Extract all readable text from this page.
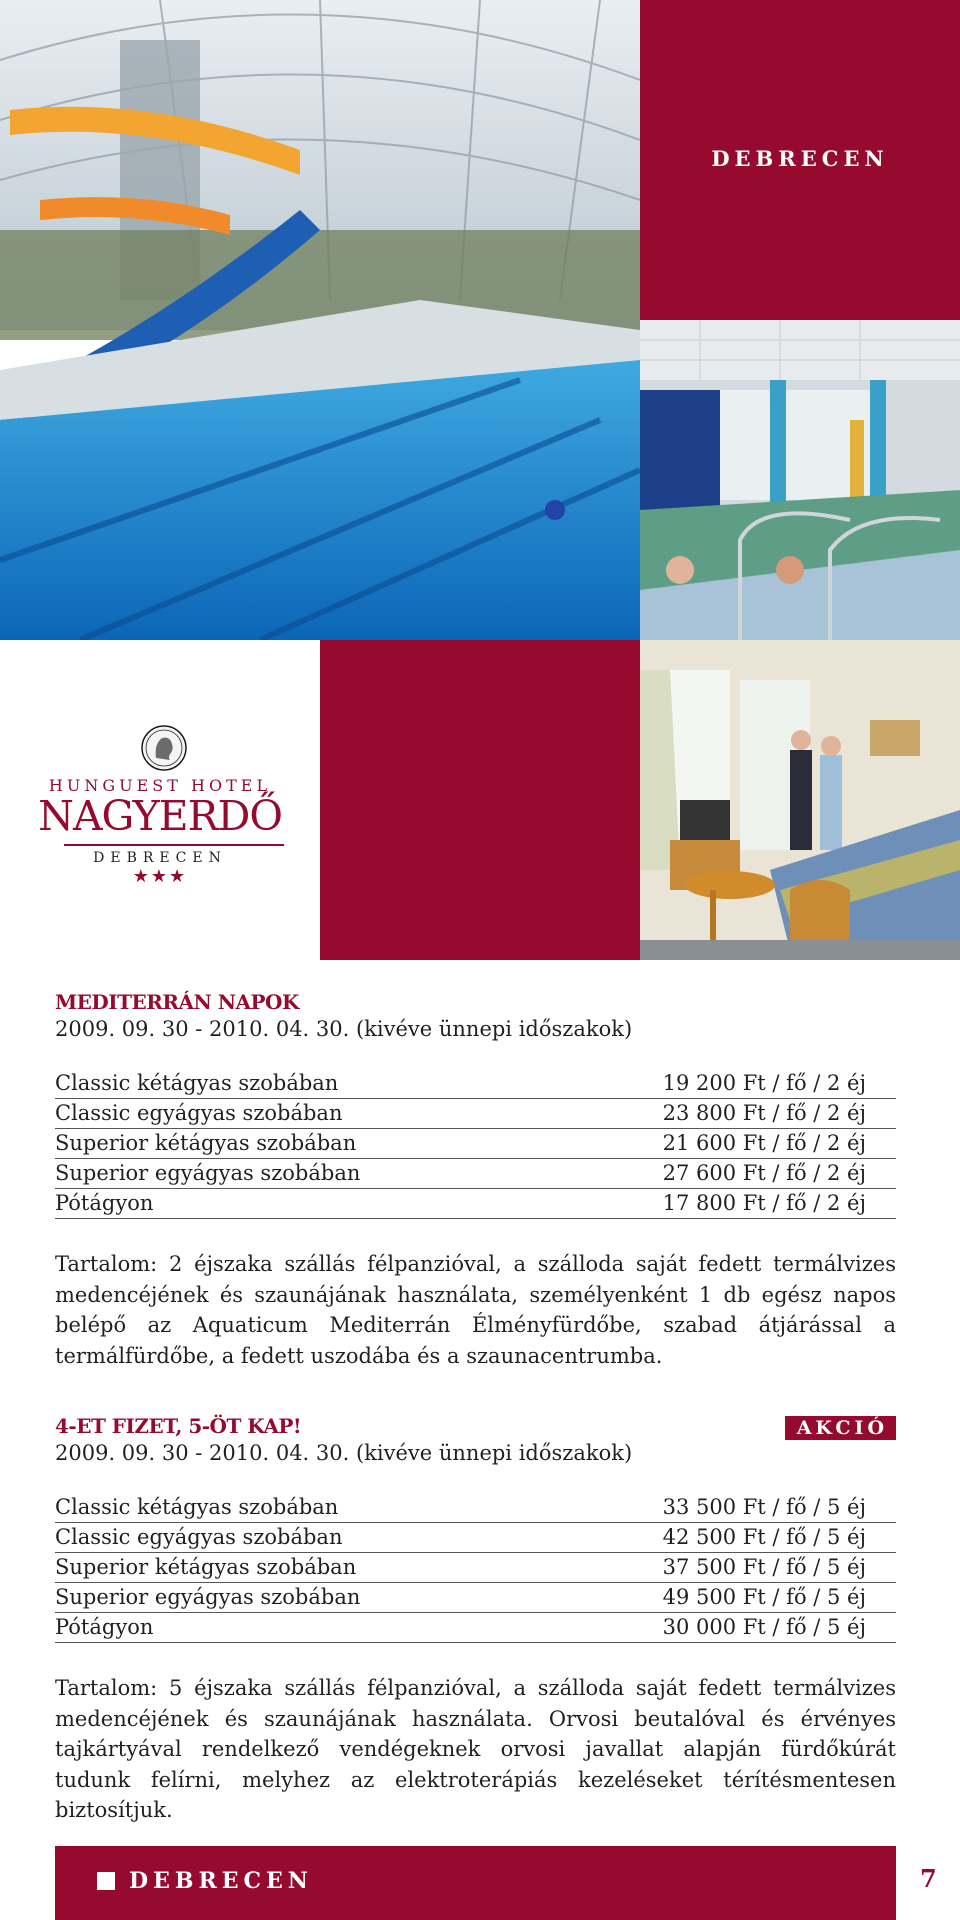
DEBRECEN
HUNGUEST HOTEL
NAGYERDŐ
DEBRECEN
★★★
MEDITERRÁN NAPOK
2009. 09. 30 - 2010. 04. 30. (kivéve ünnepi időszakok)
Classic kétágyas szobában	19 200 Ft / fő / 2 éj
Classic egyágyas szobában	23 800 Ft / fő / 2 éj
Superior kétágyas szobában	21 600 Ft / fő / 2 éj
Superior egyágyas szobában	27 600 Ft / fő / 2 éj
Pótágyon	17 800 Ft / fő / 2 éj
Tartalom: 2 éjszaka szállás félpanzióval, a szálloda saját fedett termálvizes medencéjének és szaunájának használata, személyenként 1 db egész napos belépő az Aquaticum Mediterrán Élményfürdőbe, szabad átjárással a termálfürdőbe, a fedett uszodába és a szaunacentrumba.
4-ET FIZET, 5-ÖT KAP!	AKCIÓ
2009. 09. 30 - 2010. 04. 30. (kivéve ünnepi időszakok)
Classic kétágyas szobában	33 500 Ft / fő / 5 éj
Classic egyágyas szobában	42 500 Ft / fő / 5 éj
Superior kétágyas szobában	37 500 Ft / fő / 5 éj
Superior egyágyas szobában	49 500 Ft / fő / 5 éj
Pótágyon	30 000 Ft / fő / 5 éj
Tartalom: 5 éjszaka szállás félpanzióval, a szálloda saját fedett termálvizes medencéjének és szaunájának használata. Orvosi beutalóval és érvényes tajkártyával rendelkező vendégeknek orvosi javallat alapján fürdőkúrát tudunk felírni, melyhez az elektroterápiás kezeléseket térítésmentesen biztosítjuk.
DEBRECEN	7
